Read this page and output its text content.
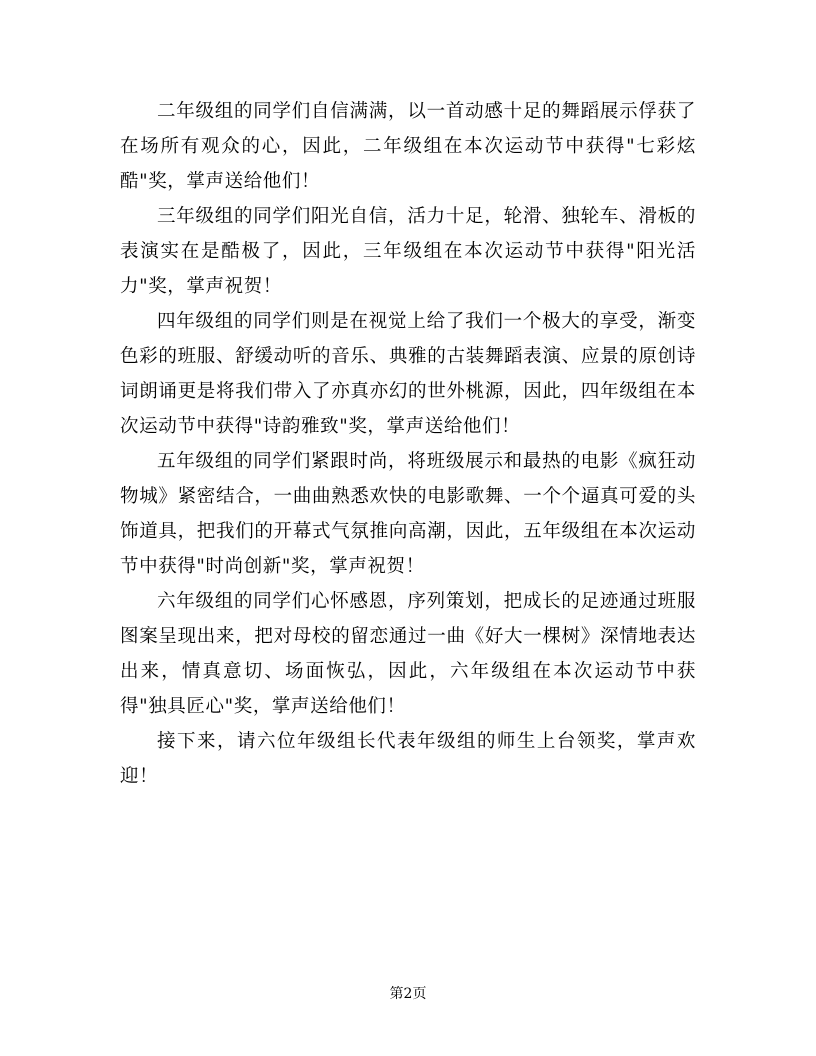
二年级组的同学们自信满满，以一首动感十足的舞蹈展示俘获了在场所有观众的心，因此，二年级组在本次运动节中获得"七彩炫酷"奖，掌声送给他们！

三年级组的同学们阳光自信，活力十足，轮滑、独轮车、滑板的表演实在是酷极了，因此，三年级组在本次运动节中获得"阳光活力"奖，掌声祝贺！

四年级组的同学们则是在视觉上给了我们一个极大的享受，渐变色彩的班服、舒缓动听的音乐、典雅的古装舞蹈表演、应景的原创诗词朗诵更是将我们带入了亦真亦幻的世外桃源，因此，四年级组在本次运动节中获得"诗韵雅致"奖，掌声送给他们！

五年级组的同学们紧跟时尚，将班级展示和最热的电影《疯狂动物城》紧密结合，一曲曲熟悉欢快的电影歌舞、一个个逼真可爱的头饰道具，把我们的开幕式气氛推向高潮，因此，五年级组在本次运动节中获得"时尚创新"奖，掌声祝贺！

六年级组的同学们心怀感恩，序列策划，把成长的足迹通过班服图案呈现出来，把对母校的留恋通过一曲《好大一棵树》深情地表达出来，情真意切、场面恢弘，因此，六年级组在本次运动节中获得"独具匠心"奖，掌声送给他们！

接下来，请六位年级组长代表年级组的师生上台领奖，掌声欢迎！

第2页
